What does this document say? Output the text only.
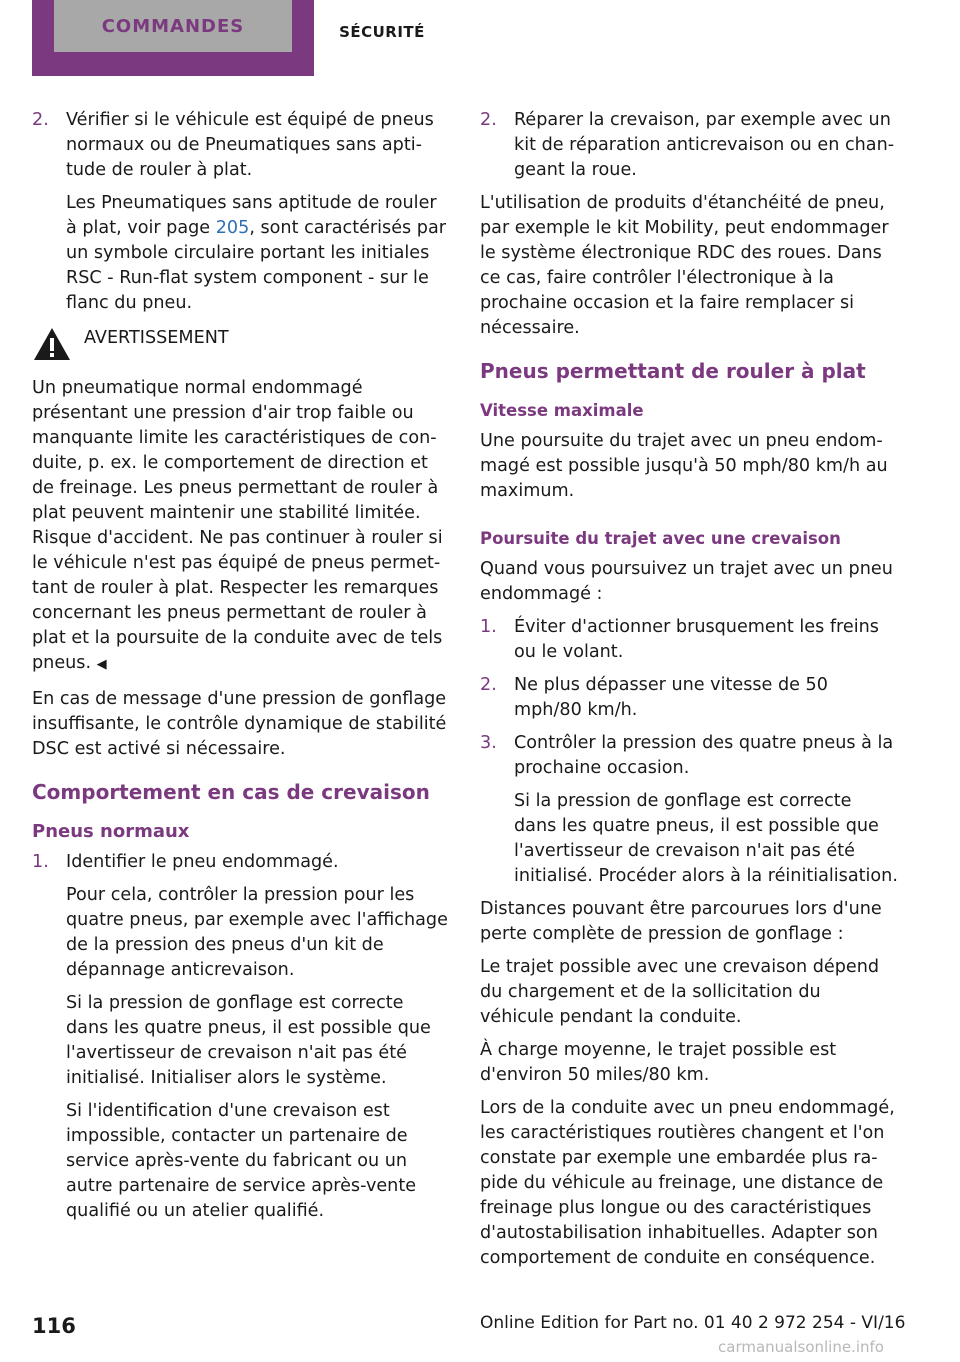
COMMANDES	SÉCURITÉ
2. Vérifier si le véhicule est équipé de pneus normaux ou de Pneumatiques sans aptitude de rouler à plat.

Les Pneumatiques sans aptitude de rouler à plat, voir page 205, sont caractérisés par un symbole circulaire portant les initiales RSC - Run-flat system component - sur le flanc du pneu.

AVERTISSEMENT

Un pneumatique normal endommagé présentant une pression d'air trop faible ou manquante limite les caractéristiques de conduite, p. ex. le comportement de direction et de freinage. Les pneus permettant de rouler à plat peuvent maintenir une stabilité limitée. Risque d'accident. Ne pas continuer à rouler si le véhicule n'est pas équipé de pneus permettant de rouler à plat. Respecter les remarques concernant les pneus permettant de rouler à plat et la poursuite de la conduite avec de tels pneus. ◀

En cas de message d'une pression de gonflage insuffisante, le contrôle dynamique de stabilité DSC est activé si nécessaire.

Comportement en cas de crevaison
Pneus normaux
1. Identifier le pneu endommagé.

Pour cela, contrôler la pression pour les quatre pneus, par exemple avec l'affichage de la pression des pneus d'un kit de dépannage anticrevaison.

Si la pression de gonflage est correcte dans les quatre pneus, il est possible que l'avertisseur de crevaison n'ait pas été initialisé. Initialiser alors le système.

Si l'identification d'une crevaison est impossible, contacter un partenaire de service après-vente du fabricant ou un autre partenaire de service après-vente qualifié ou un atelier qualifié.

2. Réparer la crevaison, par exemple avec un kit de réparation anticrevaison ou en changeant la roue.

L'utilisation de produits d'étanchéité de pneu, par exemple le kit Mobility, peut endommager le système électronique RDC des roues. Dans ce cas, faire contrôler l'électronique à la prochaine occasion et la faire remplacer si nécessaire.

Pneus permettant de rouler à plat
Vitesse maximale

Une poursuite du trajet avec un pneu endommagé est possible jusqu'à 50 mph/80 km/h au maximum.

Poursuite du trajet avec une crevaison

Quand vous poursuivez un trajet avec un pneu endommagé :

1. Éviter d'actionner brusquement les freins ou le volant.
2. Ne plus dépasser une vitesse de 50 mph/80 km/h.
3. Contrôler la pression des quatre pneus à la prochaine occasion.

Si la pression de gonflage est correcte dans les quatre pneus, il est possible que l'avertisseur de crevaison n'ait pas été initialisé. Procéder alors à la réinitialisation.

Distances pouvant être parcourues lors d'une perte complète de pression de gonflage :

Le trajet possible avec une crevaison dépend du chargement et de la sollicitation du véhicule pendant la conduite.

À charge moyenne, le trajet possible est d'environ 50 miles/80 km.

Lors de la conduite avec un pneu endommagé, les caractéristiques routières changent et l'on constate par exemple une embardée plus rapide du véhicule au freinage, une distance de freinage plus longue ou des caractéristiques d'autostabilisation inhabituelles. Adapter son comportement de conduite en conséquence.

116	Online Edition for Part no. 01 40 2 972 254 - VI/16
carmanualsonline.info
